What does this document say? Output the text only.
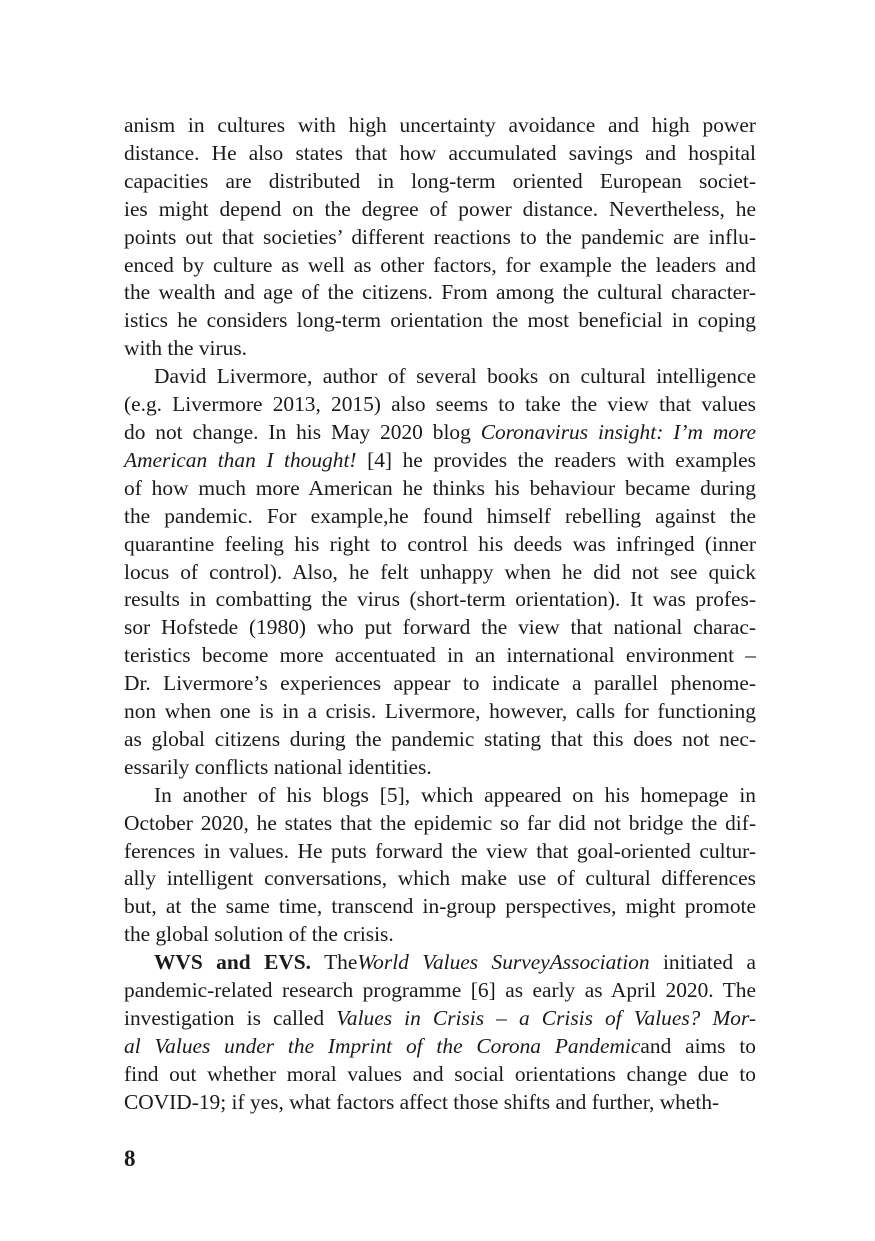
anism in cultures with high uncertainty avoidance and high power
distance. He also states that how accumulated savings and hospital
capacities are distributed in long-term oriented European societ-
ies might depend on the degree of power distance. Nevertheless, he
points out that societies’ different reactions to the pandemic are influ-
enced by culture as well as other factors, for example the leaders and
the wealth and age of the citizens. From among the cultural character-
istics he considers long-term orientation the most beneficial in coping
with the virus.
David Livermore, author of several books on cultural intelligence
(e.g. Livermore 2013, 2015) also seems to take the view that values
do not change. In his May 2020 blog Coronavirus insight: I’m more
American than I thought! [4] he provides the readers with examples
of how much more American he thinks his behaviour became during
the pandemic. For example,he found himself rebelling against the
quarantine feeling his right to control his deeds was infringed (inner
locus of control). Also, he felt unhappy when he did not see quick
results in combatting the virus (short-term orientation). It was profes-
sor Hofstede (1980) who put forward the view that national charac-
teristics become more accentuated in an international environment –
Dr. Livermore’s experiences appear to indicate a parallel phenome-
non when one is in a crisis. Livermore, however, calls for functioning
as global citizens during the pandemic stating that this does not nec-
essarily conflicts national identities.
In another of his blogs [5], which appeared on his homepage in
October 2020, he states that the epidemic so far did not bridge the dif-
ferences in values. He puts forward the view that goal-oriented cultur-
ally intelligent conversations, which make use of cultural differences
but, at the same time, transcend in-group perspectives, might promote
the global solution of the crisis.
WVS and EVS. TheWorld Values SurveyAssociation initiated a
pandemic-related research programme [6] as early as April 2020. The
investigation is called Values in Crisis – a Crisis of Values? Mor-
al Values under the Imprint of the Corona Pandemicand aims to
find out whether moral values and social orientations change due to
COVID-19; if yes, what factors affect those shifts and further, wheth-
8
